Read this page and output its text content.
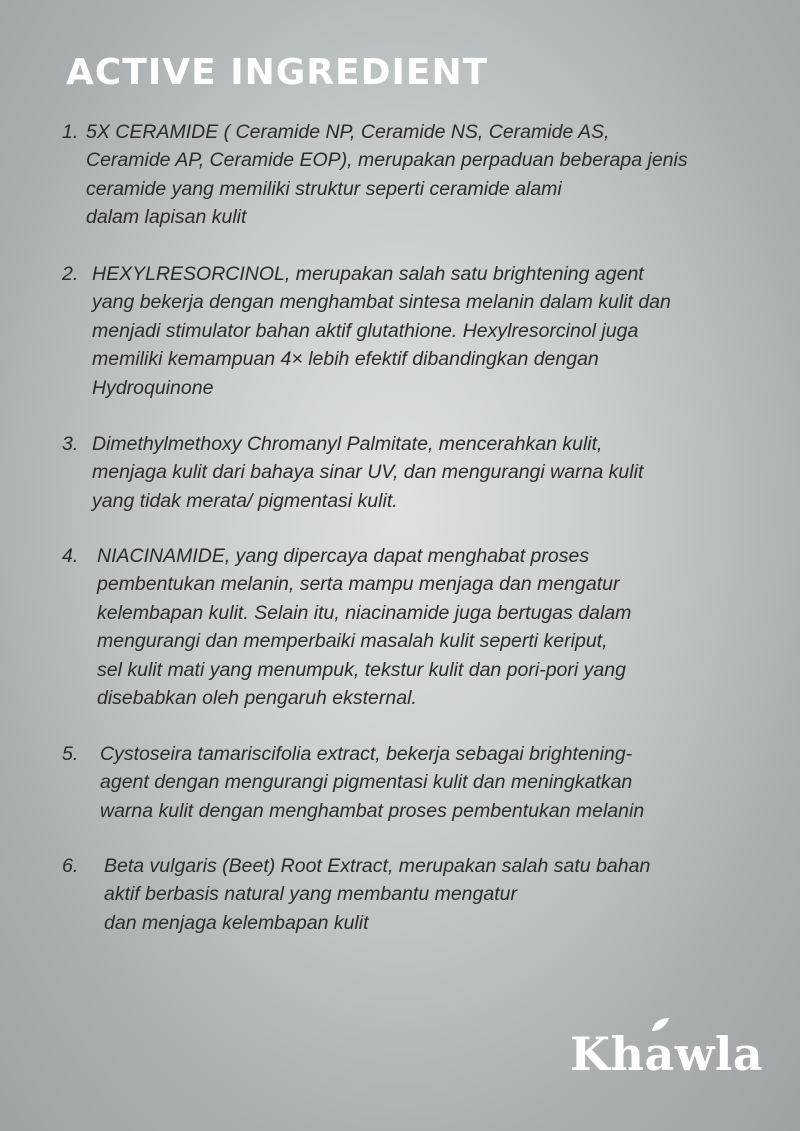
ACTIVE INGREDIENT
1. 5X CERAMIDE ( Ceramide NP, Ceramide NS, Ceramide AS,
Ceramide AP, Ceramide EOP), merupakan perpaduan beberapa jenis
ceramide yang memiliki struktur seperti ceramide alami
dalam lapisan kulit
2. HEXYLRESORCINOL, merupakan salah satu brightening agent
yang bekerja dengan menghambat sintesa melanin dalam kulit dan
menjadi stimulator bahan aktif glutathione. Hexylresorcinol juga
memiliki kemampuan 4× lebih efektif dibandingkan dengan
Hydroquinone
3. Dimethylmethoxy Chromanyl Palmitate, mencerahkan kulit,
menjaga kulit dari bahaya sinar UV, dan mengurangi warna kulit
yang tidak merata/ pigmentasi kulit.
4. NIACINAMIDE, yang dipercaya dapat menghabat proses
pembentukan melanin, serta mampu menjaga dan mengatur
kelembapan kulit. Selain itu, niacinamide juga bertugas dalam
mengurangi dan memperbaiki masalah kulit seperti keriput,
sel kulit mati yang menumpuk, tekstur kulit dan pori-pori yang
disebabkan oleh pengaruh eksternal.
5.	Cystoseira tamariscifolia extract, bekerja sebagai brightening-
agent dengan mengurangi pigmentasi kulit dan meningkatkan
warna kulit dengan menghambat proses pembentukan melanin
6.	Beta vulgaris (Beet) Root Extract, merupakan salah satu bahan
aktif berbasis natural yang membantu mengatur
dan menjaga kelembapan kulit
Kha
wla
